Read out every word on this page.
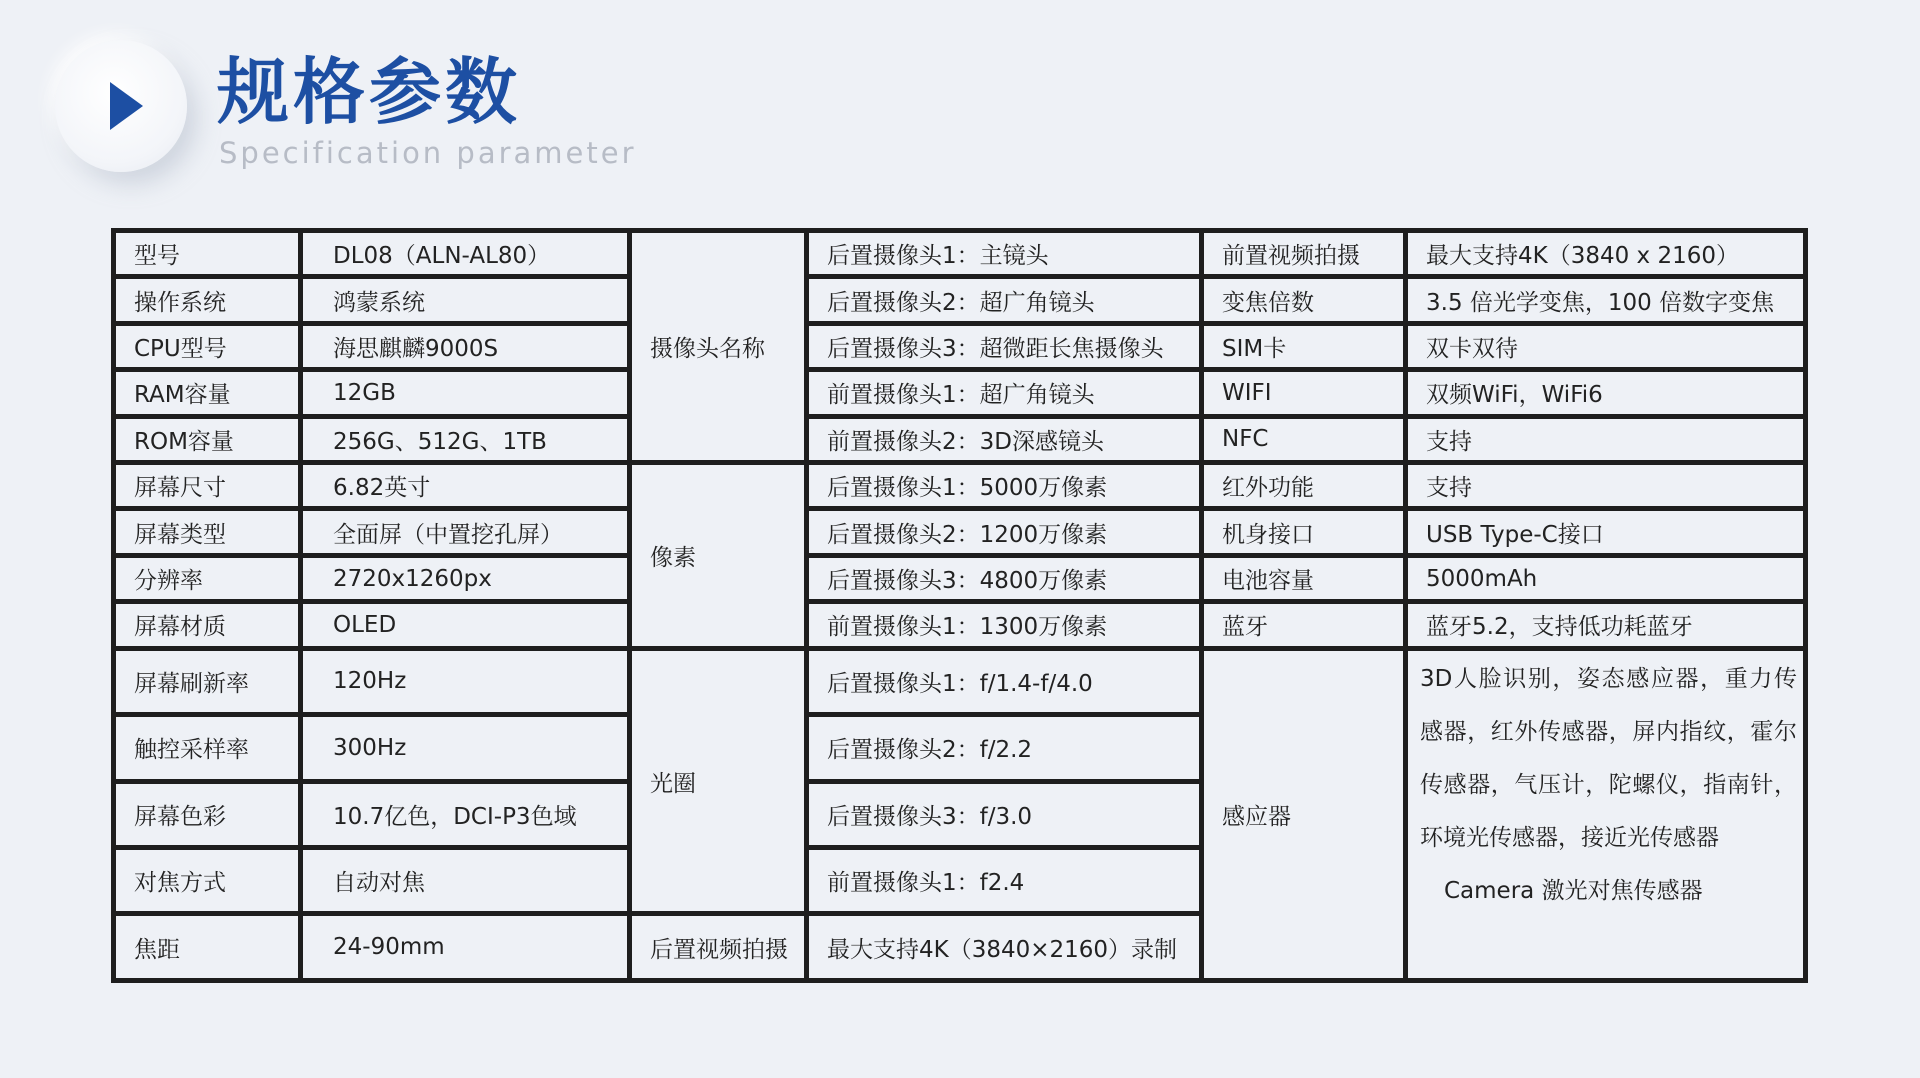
规格参数
Specification parameter
型号	DL08（ALN-AL80）	摄像头名称	后置摄像头1：主镜头	前置视频拍摄	最大支持4K（3840 x 2160）
操作系统	鸿蒙系统		后置摄像头2：超广角镜头	变焦倍数	3.5 倍光学变焦，100 倍数字变焦
CPU型号	海思麒麟9000S		后置摄像头3：超微距长焦摄像头	SIM卡	双卡双待
RAM容量	12GB		前置摄像头1：超广角镜头	WIFI	双频WiFi，WiFi6
ROM容量	256G、512G、1TB		前置摄像头2：3D深感镜头	NFC	支持
屏幕尺寸	6.82英寸	像素	后置摄像头1：5000万像素	红外功能	支持
屏幕类型	全面屏（中置挖孔屏）		后置摄像头2：1200万像素	机身接口	USB Type-C接口
分辨率	2720x1260px		后置摄像头3：4800万像素	电池容量	5000mAh
屏幕材质	OLED		前置摄像头1：1300万像素	蓝牙	蓝牙5.2，支持低功耗蓝牙
屏幕刷新率	120Hz	光圈	后置摄像头1：f/1.4-f/4.0	感应器	3D人脸识别，姿态感应器，重力传感器，红外传感器，屏内指纹，霍尔传感器，气压计，陀螺仪，指南针，环境光传感器，接近光传感器
Camera 激光对焦传感器

触控采样率	300Hz		后置摄像头2：f/2.2		
屏幕色彩	10.7亿色，DCI-P3色域		后置摄像头3：f/3.0		
对焦方式	自动对焦		前置摄像头1：f2.4		
焦距	24-90mm	后置视频拍摄	最大支持4K（3840×2160）录制		
